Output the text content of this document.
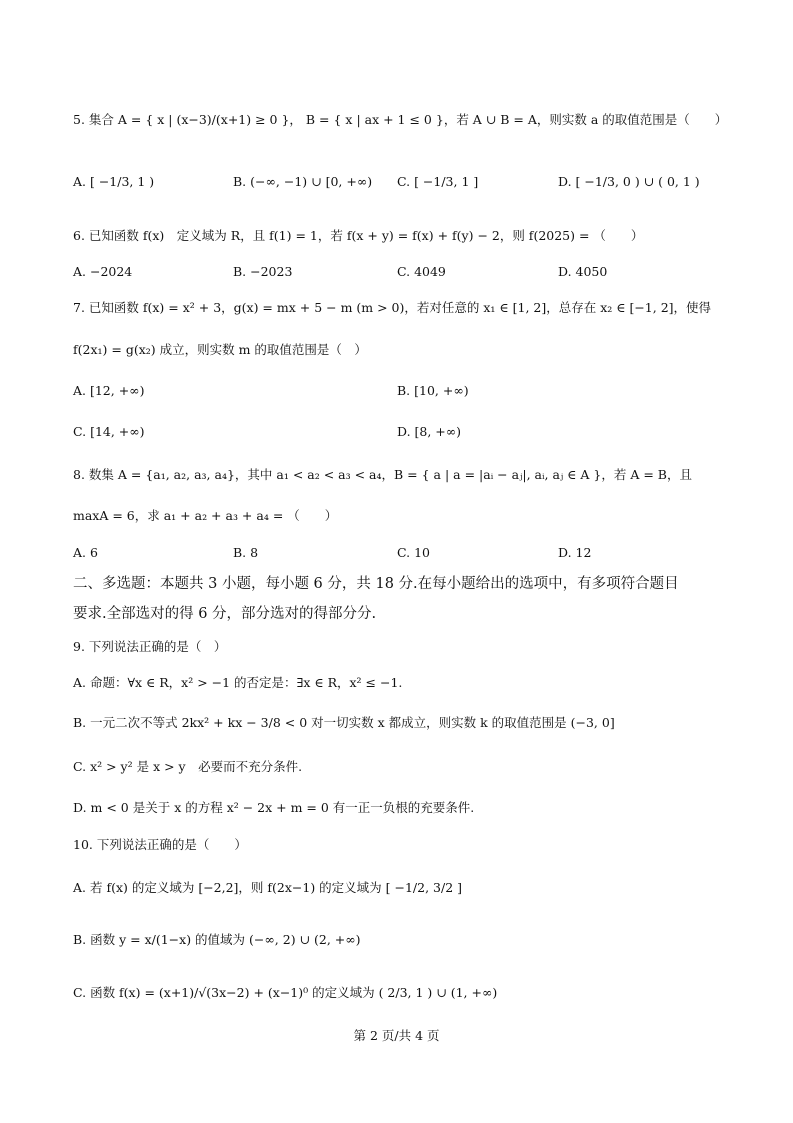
5. 集合 A = { x | (x−3)/(x+1) ≥ 0 }， B = { x | ax + 1 ≤ 0 }，若 A ∪ B = A，则实数 a 的取值范围是（　　）
A. [ −1/3, 1 )	B. (−∞, −1) ∪ [0, +∞) C. [ −1/3, 1 ]	D. [ −1/3, 0 ) ∪ ( 0, 1 )
6. 已知函数 f(x)　定义域为 R，且 f(1) = 1，若 f(x + y) = f(x) + f(y) − 2，则 f(2025) = （　　）
A. −2024	B. −2023	C. 4049	D. 4050
7. 已知函数 f(x) = x² + 3，g(x) = mx + 5 − m (m > 0)，若对任意的 x₁ ∈ [1, 2]，总存在 x₂ ∈ [−1, 2]，使得
f(2x₁) = g(x₂) 成立，则实数 m 的取值范围是（　）
A. [12, +∞)	B. [10, +∞)
C. [14, +∞)	D. [8, +∞)
8. 数集 A = {a₁, a₂, a₃, a₄}，其中 a₁ < a₂ < a₃ < a₄，B = { a | a = |aᵢ − aⱼ|, aᵢ, aⱼ ∈ A }，若 A = B，且
maxA = 6，求 a₁ + a₂ + a₃ + a₄ = （　　）
A. 6	B. 8	C. 10	D. 12
二、多选题：本题共 3 小题，每小题 6 分，共 18 分.在每小题给出的选项中，有多项符合题目
要求.全部选对的得 6 分，部分选对的得部分分.
9. 下列说法正确的是（　）
A. 命题：∀x ∈ R，x² > −1 的否定是：∃x ∈ R，x² ≤ −1.
B. 一元二次不等式 2kx² + kx − 3/8 < 0 对一切实数 x 都成立，则实数 k 的取值范围是 (−3, 0]
C. x² > y² 是 x > y　必要而不充分条件.
D. m < 0 是关于 x 的方程 x² − 2x + m = 0 有一正一负根的充要条件.
10. 下列说法正确的是（　　）
A. 若 f(x) 的定义域为 [−2,2]，则 f(2x−1) 的定义域为 [ −1/2, 3/2 ]
B. 函数 y = x/(1−x) 的值域为 (−∞, 2) ∪ (2, +∞)
C. 函数 f(x) = (x+1)/√(3x−2) + (x−1)⁰ 的定义域为 ( 2/3, 1 ) ∪ (1, +∞)
第 2 页/共 4 页
